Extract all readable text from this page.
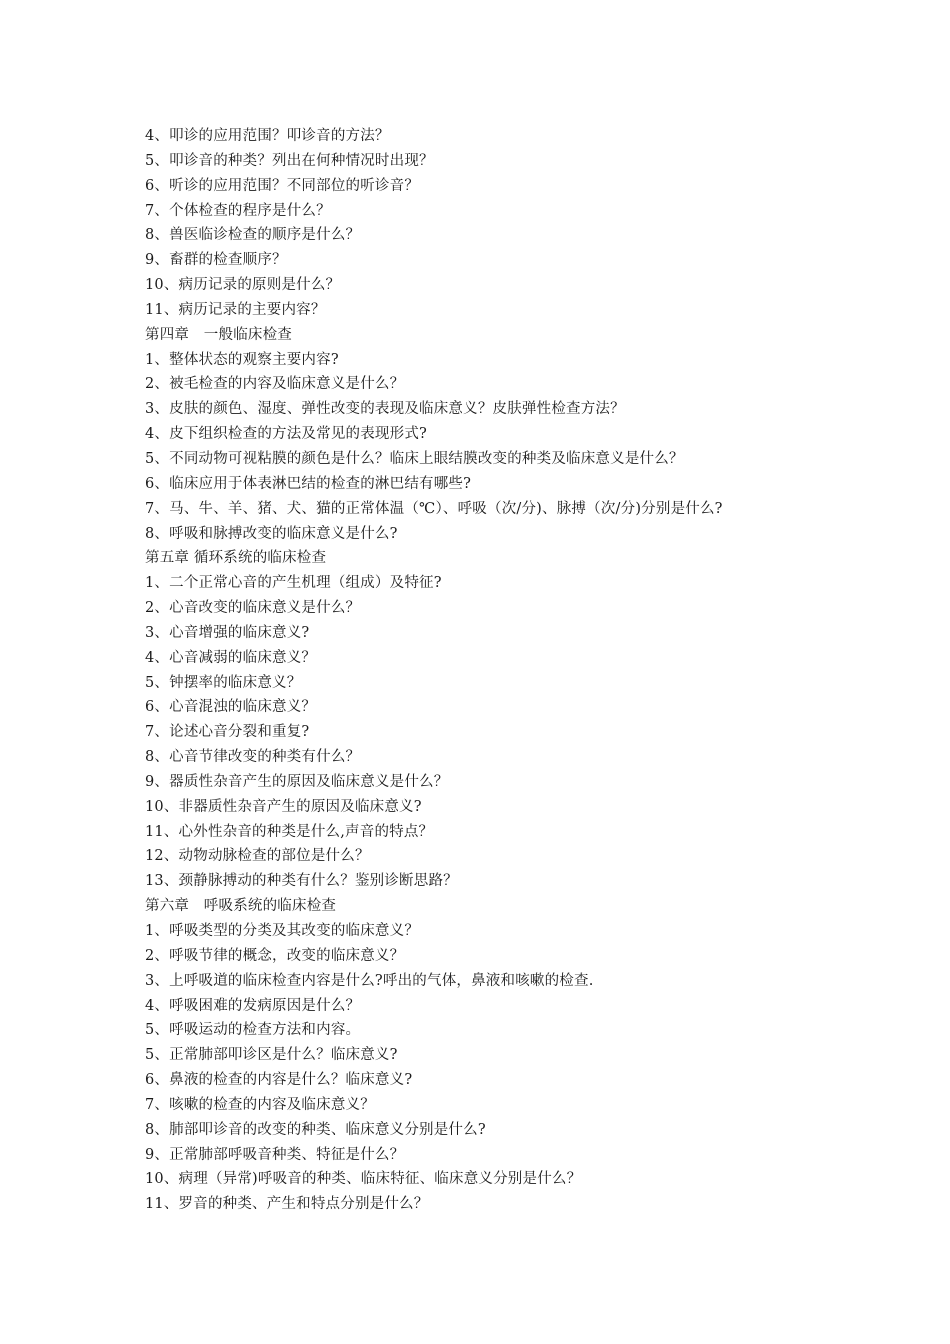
4、叩诊的应用范围？叩诊音的方法？
5、叩诊音的种类？列出在何种情况时出现？
6、听诊的应用范围？不同部位的听诊音？
7、个体检查的程序是什么？
8、兽医临诊检查的顺序是什么？
9、畜群的检查顺序？
10、病历记录的原则是什么？
11、病历记录的主要内容？
第四章　一般临床检查
1、整体状态的观察主要内容?
2、被毛检查的内容及临床意义是什么？
3、皮肤的颜色、湿度、弹性改变的表现及临床意义？皮肤弹性检查方法？
4、皮下组织检查的方法及常见的表现形式?
5、不同动物可视粘膜的颜色是什么？临床上眼结膜改变的种类及临床意义是什么？
6、临床应用于体表淋巴结的检查的淋巴结有哪些?
7、马、牛、羊、猪、犬、猫的正常体温（℃）、呼吸（次/分)、脉搏（次/分)分别是什么?
8、呼吸和脉搏改变的临床意义是什么?
第五章 循环系统的临床检查
1、二个正常心音的产生机理（组成）及特征?
2、心音改变的临床意义是什么？
3、心音增强的临床意义?
4、心音减弱的临床意义？
5、钟摆率的临床意义？
6、心音混浊的临床意义？
7、论述心音分裂和重复?
8、心音节律改变的种类有什么？
9、器质性杂音产生的原因及临床意义是什么？
10、非器质性杂音产生的原因及临床意义?
11、心外性杂音的种类是什么,声音的特点？
12、动物动脉检查的部位是什么？
13、颈静脉搏动的种类有什么？鉴别诊断思路？
第六章　呼吸系统的临床检查
1、呼吸类型的分类及其改变的临床意义？
2、呼吸节律的概念，改变的临床意义？
3、上呼吸道的临床检查内容是什么?呼出的气体，鼻液和咳嗽的检查.
4、呼吸困难的发病原因是什么？
5、呼吸运动的检查方法和内容。
5、正常肺部叩诊区是什么？临床意义?
6、鼻液的检查的内容是什么？临床意义?
7、咳嗽的检查的内容及临床意义？
8、肺部叩诊音的改变的种类、临床意义分别是什么?
9、正常肺部呼吸音种类、特征是什么？
10、病理（异常)呼吸音的种类、临床特征、临床意义分别是什么？
11、罗音的种类、产生和特点分别是什么？
